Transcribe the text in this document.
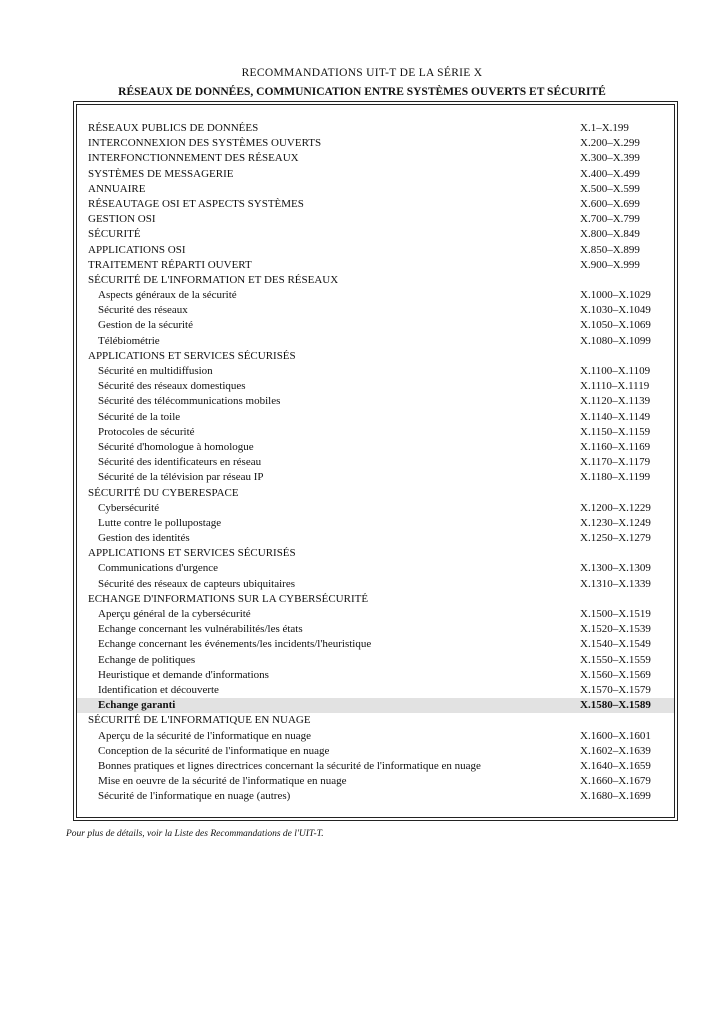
RECOMMANDATIONS UIT-T DE LA SÉRIE X
RÉSEAUX DE DONNÉES, COMMUNICATION ENTRE SYSTÈMES OUVERTS ET SÉCURITÉ
RÉSEAUX PUBLICS DE DONNÉES	X.1–X.199
INTERCONNEXION DES SYSTÈMES OUVERTS	X.200–X.299
INTERFONCTIONNEMENT DES RÉSEAUX	X.300–X.399
SYSTÈMES DE MESSAGERIE	X.400–X.499
ANNUAIRE	X.500–X.599
RÉSEAUTAGE OSI ET ASPECTS SYSTÈMES	X.600–X.699
GESTION OSI	X.700–X.799
SÉCURITÉ	X.800–X.849
APPLICATIONS OSI	X.850–X.899
TRAITEMENT RÉPARTI OUVERT	X.900–X.999
SÉCURITÉ DE L'INFORMATION ET DES RÉSEAUX
Aspects généraux de la sécurité	X.1000–X.1029
Sécurité des réseaux	X.1030–X.1049
Gestion de la sécurité	X.1050–X.1069
Télébiométrie	X.1080–X.1099
APPLICATIONS ET SERVICES SÉCURISÉS
Sécurité en multidiffusion	X.1100–X.1109
Sécurité des réseaux domestiques	X.1110–X.1119
Sécurité des télécommunications mobiles	X.1120–X.1139
Sécurité de la toile	X.1140–X.1149
Protocoles de sécurité	X.1150–X.1159
Sécurité d'homologue à homologue	X.1160–X.1169
Sécurité des identificateurs en réseau	X.1170–X.1179
Sécurité de la télévision par réseau IP	X.1180–X.1199
SÉCURITÉ DU CYBERESPACE
Cybersécurité	X.1200–X.1229
Lutte contre le pollupostage	X.1230–X.1249
Gestion des identités	X.1250–X.1279
APPLICATIONS ET SERVICES SÉCURISÉS
Communications d'urgence	X.1300–X.1309
Sécurité des réseaux de capteurs ubiquitaires	X.1310–X.1339
ECHANGE D'INFORMATIONS SUR LA CYBERSÉCURITÉ
Aperçu général de la cybersécurité	X.1500–X.1519
Echange concernant les vulnérabilités/les états	X.1520–X.1539
Echange concernant les événements/les incidents/l'heuristique	X.1540–X.1549
Echange de politiques	X.1550–X.1559
Heuristique et demande d'informations	X.1560–X.1569
Identification et découverte	X.1570–X.1579
Echange garanti	X.1580–X.1589
SÉCURITÉ DE L'INFORMATIQUE EN NUAGE
Aperçu de la sécurité de l'informatique en nuage	X.1600–X.1601
Conception de la sécurité de l'informatique en nuage	X.1602–X.1639
Bonnes pratiques et lignes directrices concernant la sécurité de l'informatique en nuage	X.1640–X.1659
Mise en oeuvre de la sécurité de l'informatique en nuage	X.1660–X.1679
Sécurité de l'informatique en nuage (autres)	X.1680–X.1699
Pour plus de détails, voir la Liste des Recommandations de l'UIT-T.
